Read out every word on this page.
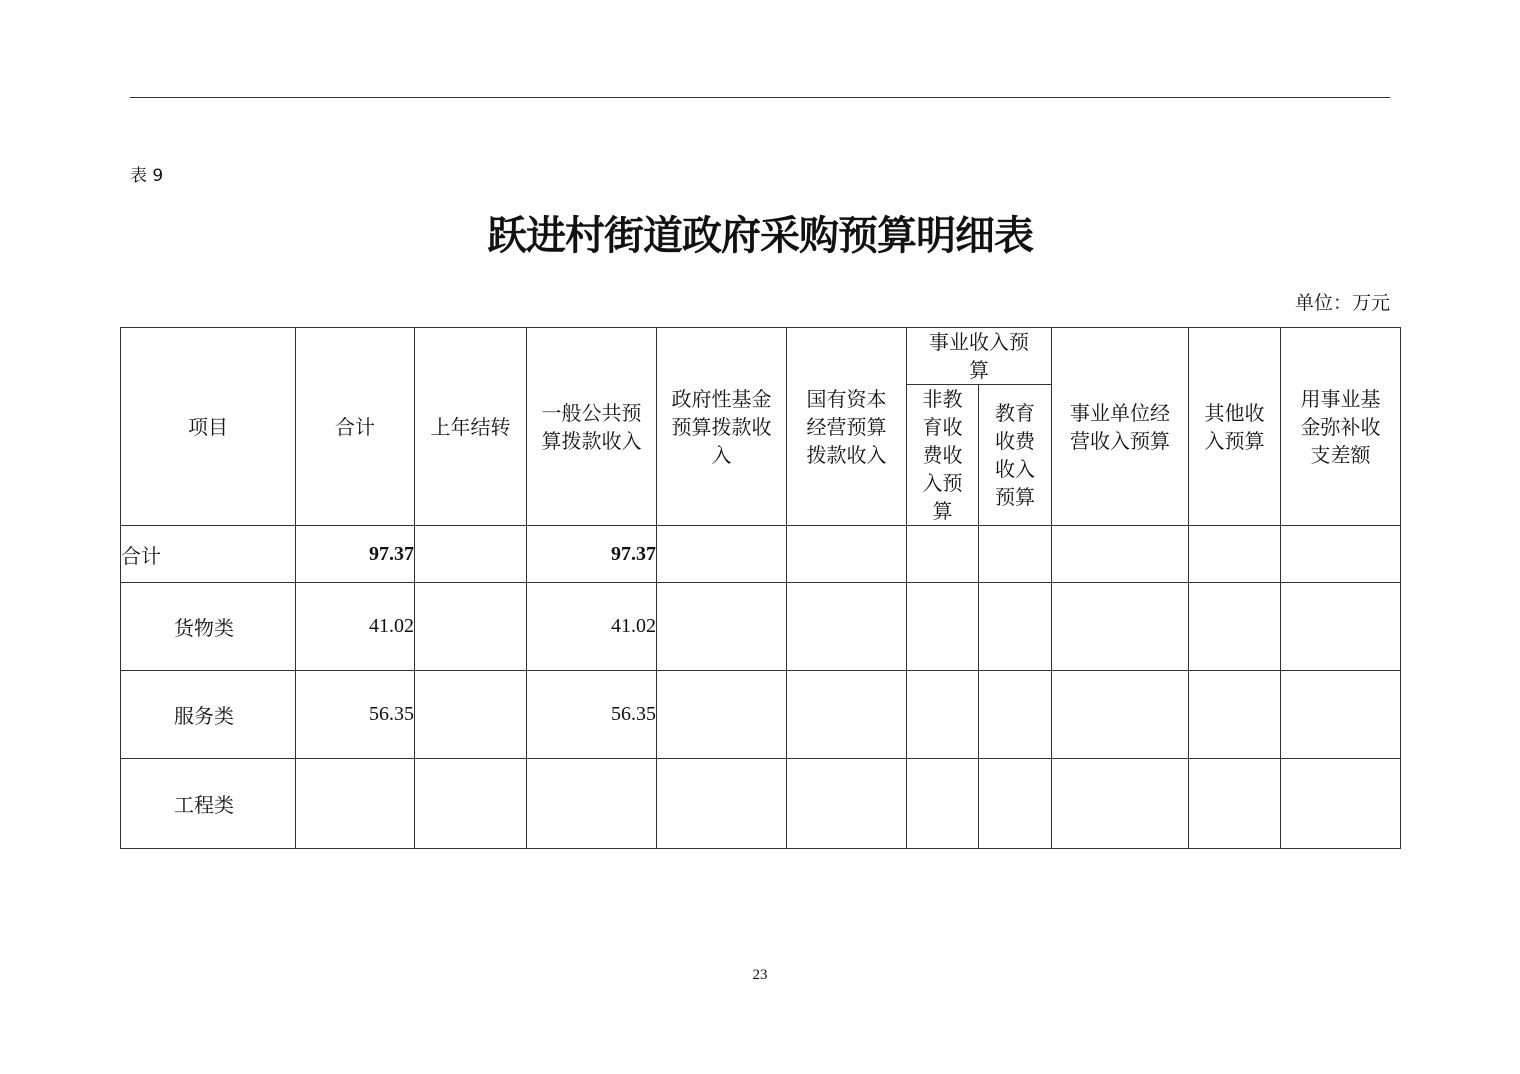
表 9
跃进村街道政府采购预算明细表
单位：万元
项目	合计	上年结转	一般公共预算拨款收入	政府性基金预算拨款收入	国有资本经营预算拨款收入	事业收入预算		事业单位经营收入预算	其他收入预算	用事业基金弥补收支差额

						非教育收费收入预算	教育收费收入预算			

合计	97.37		97.37							
货物类	41.02		41.02							
服务类	56.35		56.35							
工程类										
23
